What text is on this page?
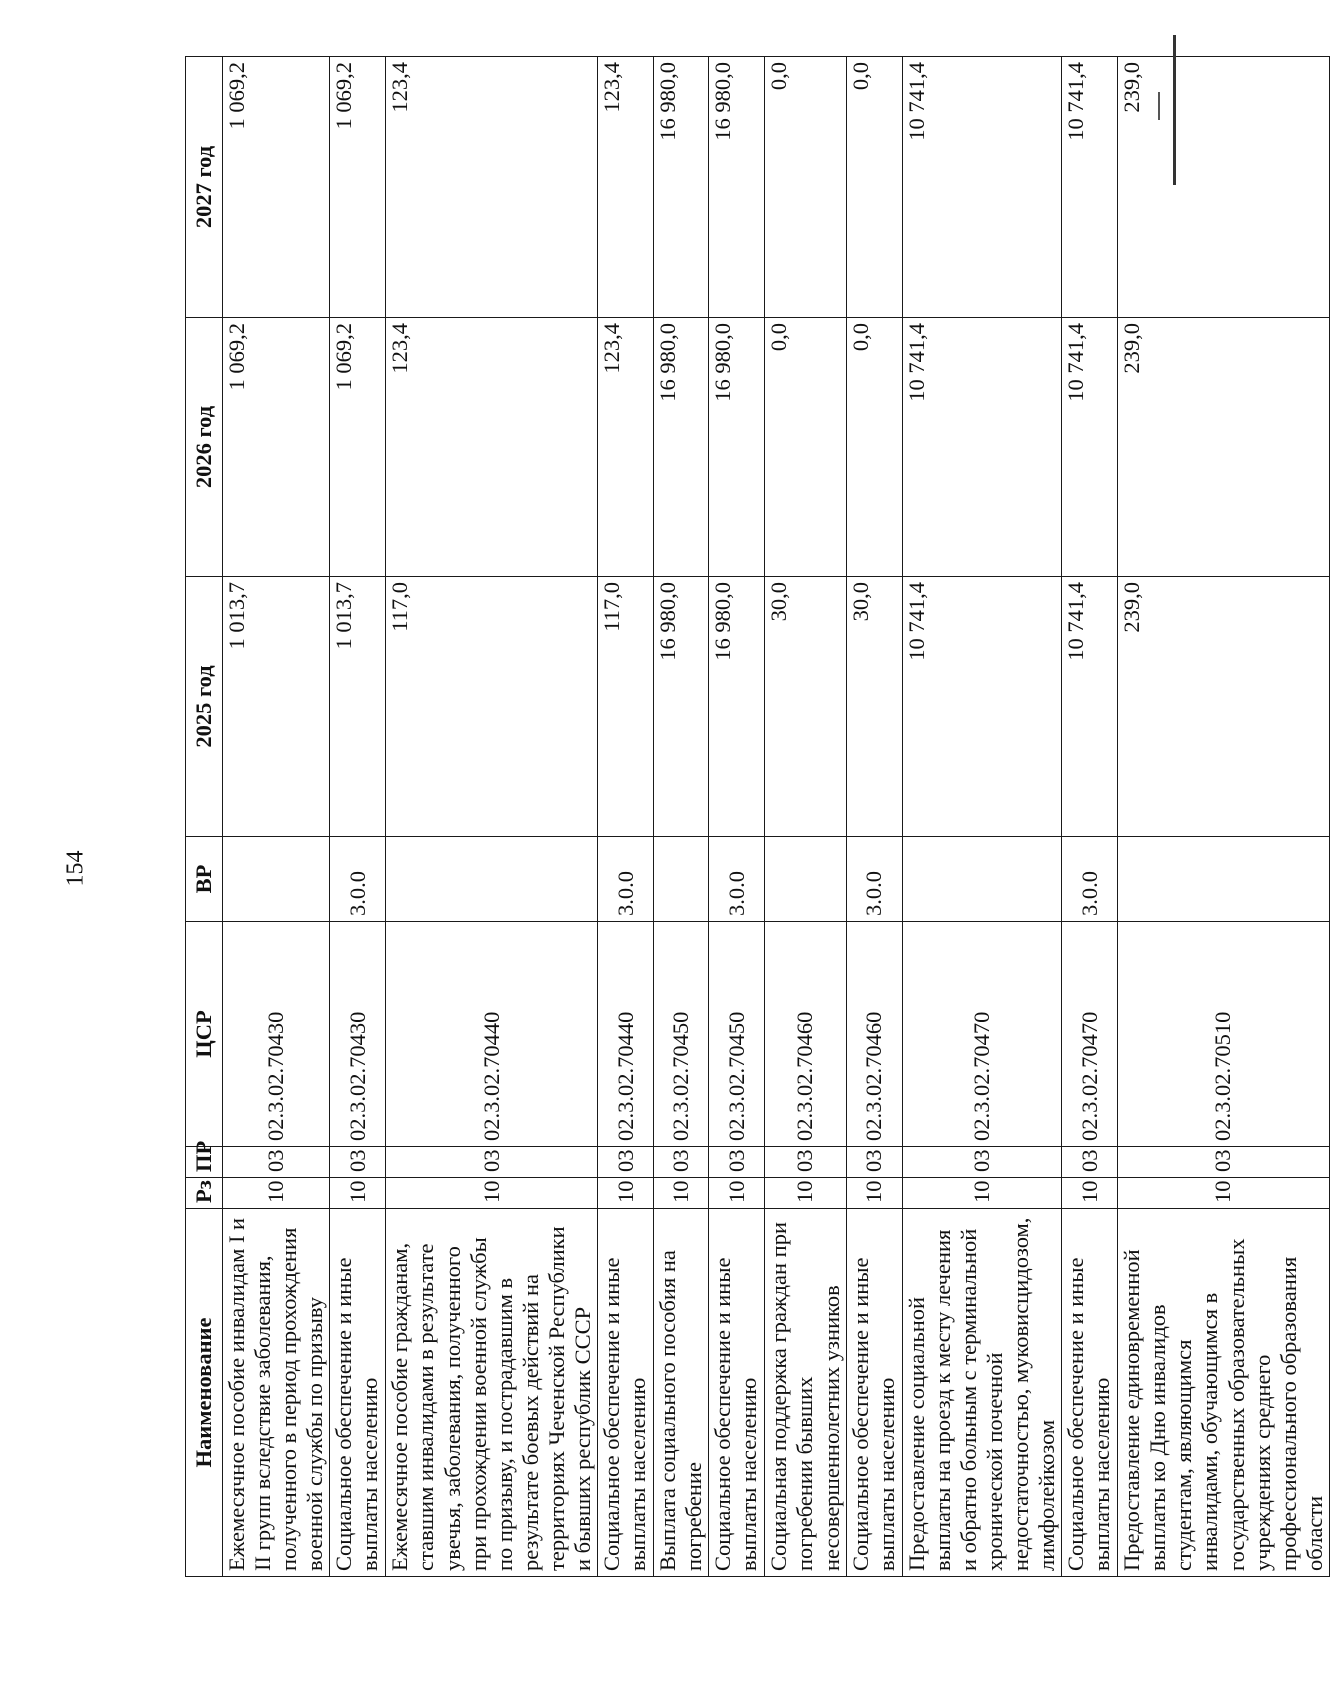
154
Наименование	Рз	ПР	ЦСР	ВР	2025 год	2026 год	2027 год
Ежемесячное пособие инвалидам I и II групп вследствие заболевания, полученного в период прохождения военной службы по призыву	10	03	02.3.02.70430		1 013,7	1 069,2	1 069,2
Социальное обеспечение и иные выплаты населению	10	03	02.3.02.70430	3.0.0	1 013,7	1 069,2	1 069,2
Ежемесячное пособие гражданам, ставшим инвалидами в результате увечья, заболевания, полученного при прохождении военной службы по призыву, и пострадавшим в результате боевых действий на территориях Чеченской Республики и бывших республик СССР	10	03	02.3.02.70440		117,0	123,4	123,4
Социальное обеспечение и иные выплаты населению	10	03	02.3.02.70440	3.0.0	117,0	123,4	123,4
Выплата социального пособия на погребение	10	03	02.3.02.70450		16 980,0	16 980,0	16 980,0
Социальное обеспечение и иные выплаты населению	10	03	02.3.02.70450	3.0.0	16 980,0	16 980,0	16 980,0
Социальная поддержка граждан при погребении бывших несовершеннолетних узников	10	03	02.3.02.70460		30,0	0,0	0,0
Социальное обеспечение и иные выплаты населению	10	03	02.3.02.70460	3.0.0	30,0	0,0	0,0
Предоставление социальной выплаты на проезд к месту лечения и обратно больным с терминальной хронической почечной недостаточностью, муковисцидозом, лимфолейкозом	10	03	02.3.02.70470		10 741,4	10 741,4	10 741,4
Социальное обеспечение и иные выплаты населению	10	03	02.3.02.70470	3.0.0	10 741,4	10 741,4	10 741,4
Предоставление единовременной выплаты ко Дню инвалидов студентам, являющимся инвалидами, обучающимся в государственных образовательных учреждениях среднего профессионального образования области	10	03	02.3.02.70510		239,0	239,0	239,0
